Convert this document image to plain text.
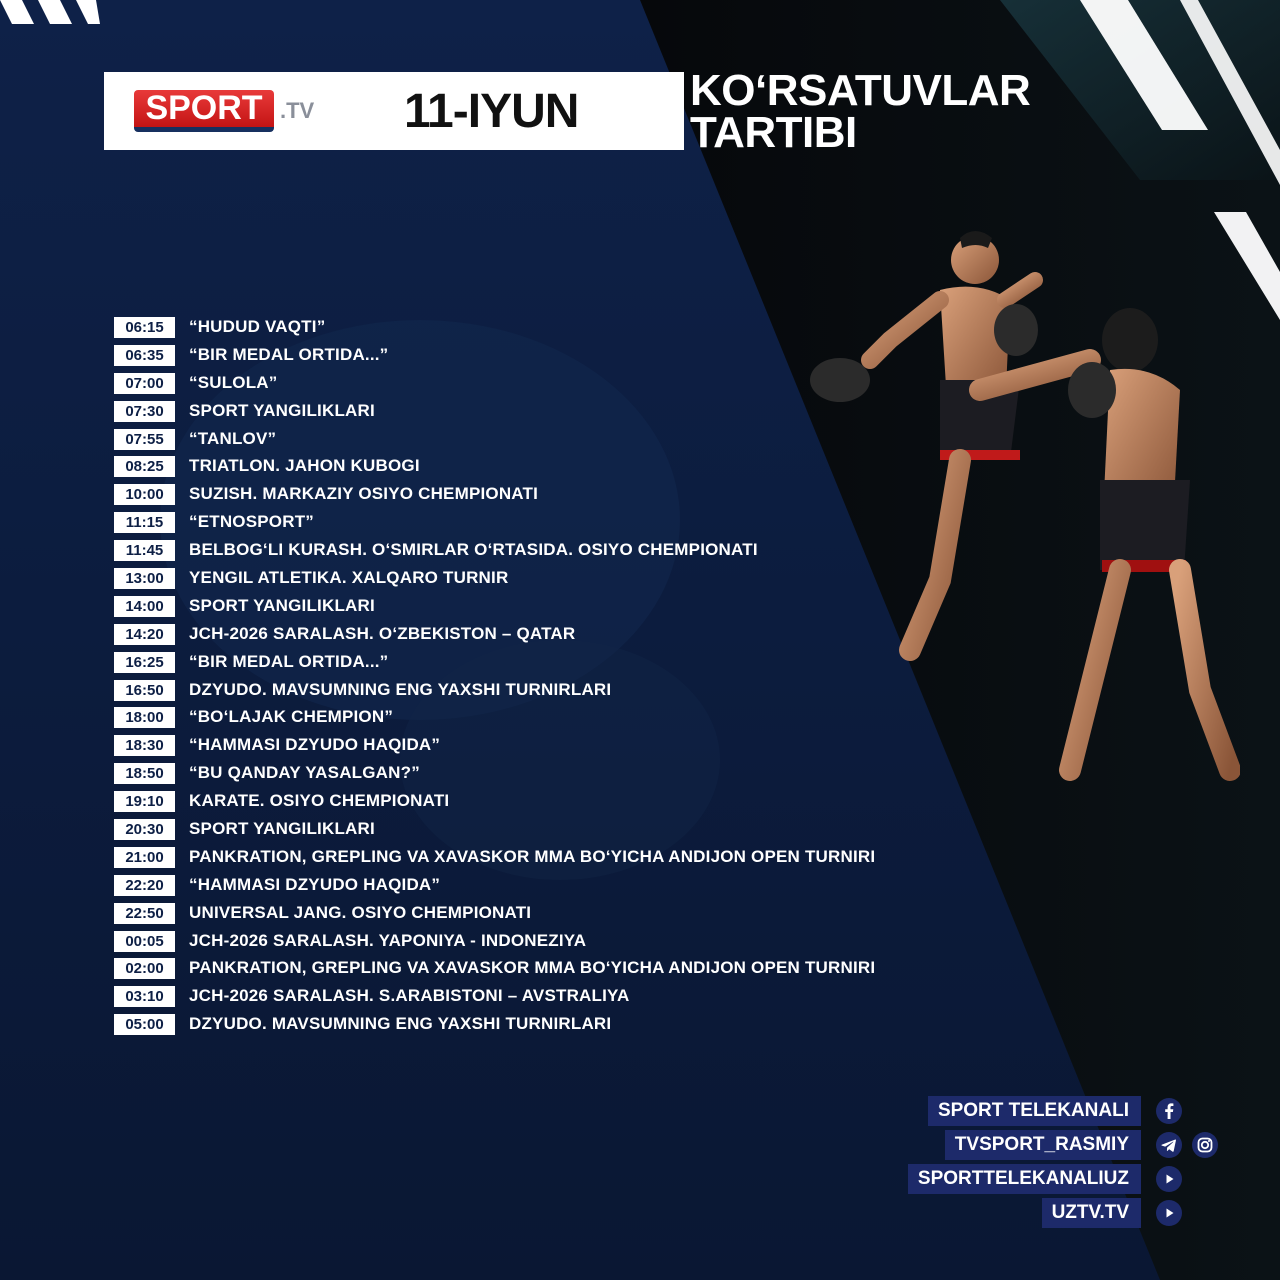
SPORT .TV 11-IYUN	KO‘RSATUVLAR
TARTIBI
06:15	“HUDUD VAQTI”
06:35	“BIR MEDAL ORTIDA...”
07:00	“SULOLA”
07:30	SPORT YANGILIKLARI
07:55	“TANLOV”
08:25	TRIATLON. JAHON KUBOGI
10:00	SUZISH. MARKAZIY OSIYO CHEMPIONATI
11:15	“ETNOSPORT”
11:45	BELBOG‘LI KURASH. O‘SMIRLAR O‘RTASIDA. OSIYO CHEMPIONATI
13:00	YENGIL ATLETIKA. XALQARO TURNIR
14:00	SPORT YANGILIKLARI
14:20	JCH-2026 SARALASH. O‘ZBEKISTON – QATAR
16:25	“BIR MEDAL ORTIDA...”
16:50	DZYUDO. MAVSUMNING ENG YAXSHI TURNIRLARI
18:00	“BO‘LAJAK CHEMPION”
18:30	“HAMMASI DZYUDO HAQIDA”
18:50	“BU QANDAY YASALGAN?”
19:10	KARATE. OSIYO CHEMPIONATI
20:30	SPORT YANGILIKLARI
21:00	PANKRATION, GREPLING VA XAVASKOR MMA BO‘YICHA ANDIJON OPEN TURNIRI
22:20	“HAMMASI DZYUDO HAQIDA”
22:50	UNIVERSAL JANG. OSIYO CHEMPIONATI
00:05	JCH-2026 SARALASH. YAPONIYA - INDONEZIYA
02:00	PANKRATION, GREPLING VA XAVASKOR MMA BO‘YICHA ANDIJON OPEN TURNIRI
03:10	JCH-2026 SARALASH. S.ARABISTONI – AVSTRALIYA
05:00	DZYUDO. MAVSUMNING ENG YAXSHI TURNIRLARI
SPORT TELEKANALI
TVSPORT_RASMIY
SPORTTELEKANALIUZ
UZTV.TV
